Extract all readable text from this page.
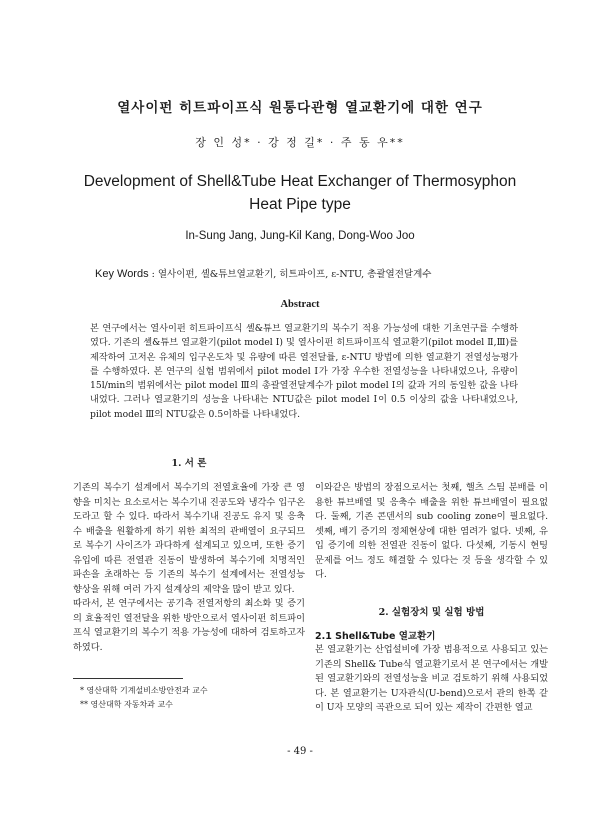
열사이펀 히트파이프식 원통다관형 열교환기에 대한 연구
장 인 성* · 강 정 길* · 주 동 우**
Development of Shell&Tube Heat Exchanger of Thermosyphon
Heat Pipe type
In-Sung Jang, Jung-Kil Kang, Dong-Woo Joo
Key Words : 열사이펀, 셸&튜브열교환기, 히트파이프, ε-NTU, 총괄열전달계수
Abstract

본 연구에서는 열사이펀 히트파이프식 셸&튜브 열교환기의 복수기 적용 가능성에 대한 기초연구를 수행하였다. 기존의 셸&튜브 열교환기(pilot model Ⅰ) 및 열사이펀 히트파이프식 열교환기(pilot model Ⅱ,Ⅲ)를 제작하여 고저온 유체의 입구온도차 및 유량에 따른 열전달률, ε-NTU 방법에 의한 열교환기 전열성능평가를 수행하였다. 본 연구의 실험 범위에서 pilot model Ⅰ가 가장 우수한 전열성능을 나타내었으나, 유량이 15l/min의 범위에서는 pilot model Ⅲ의 총괄열전달계수가 pilot model Ⅰ의 값과 거의 동일한 값을 나타내었다. 그러나 열교환기의 성능을 나타내는 NTU값은 pilot model Ⅰ이 0.5 이상의 값을 나타내었으나, pilot model Ⅲ의 NTU값은 0.5이하를 나타내었다.

1. 서 론

기존의 복수기 설계에서 복수기의 전열효율에 가장 큰 영향을 미치는 요소로서는 복수기내 진공도와 냉각수 입구온도라고 할 수 있다. 따라서 복수기내 진공도 유지 및 응축수 배출을 원활하게 하기 위한 최적의 관배열이 요구되므로 복수기 사이즈가 과다하게 설계되고 있으며, 또한 증기 유입에 따른 전열관 진동이 발생하여 복수기에 치명적인 파손을 초래하는 등 기존의 복수기 설계에서는 전열성능 향상을 위해 여러 가지 설계상의 제약을 많이 받고 있다.

따라서, 본 연구에서는 공기측 전열저항의 최소화 및 증기의 효율적인 열전달을 위한 방안으로서 열사이펀 히트파이프식 열교환기의 복수기 적용 가능성에 대하여 검토하고자 하였다.

이와같은 방법의 장점으로서는 첫째, 핼츠 스팀 분배를 이용한 튜브배열 및 응축수 배출을 위한 튜브배열이 필요없다. 둘째, 기존 콘덴서의 sub cooling zone이 필요없다. 셋째, 배기 증기의 정체현상에 대한 염려가 없다. 넷째, 유입 증기에 의한 전열관 진동이 없다. 다섯째, 기동시 현팅 문제를 어느 정도 해결할 수 있다는 것 등을 생각할 수 있다.

2. 실험장치 및 실험 방법
2.1 Shell&Tube 열교환기

본 열교환기는 산업설비에 가장 범용적으로 사용되고 있는 기존의 Shell& Tube식 열교환기로서 본 연구에서는 개발된 열교환기와의 전열성능을 비교 검토하기 위해 사용되었다. 본 열교환기는 U자관식(U-bend)으로서 관의 한쪽 같이 U자 모양의 곡관으로 되어 있는 제작이 간편한 열교

* 영산대학 기계설비소방안전과 교수

** 영산대학 자동차과 교수

- 49 -
